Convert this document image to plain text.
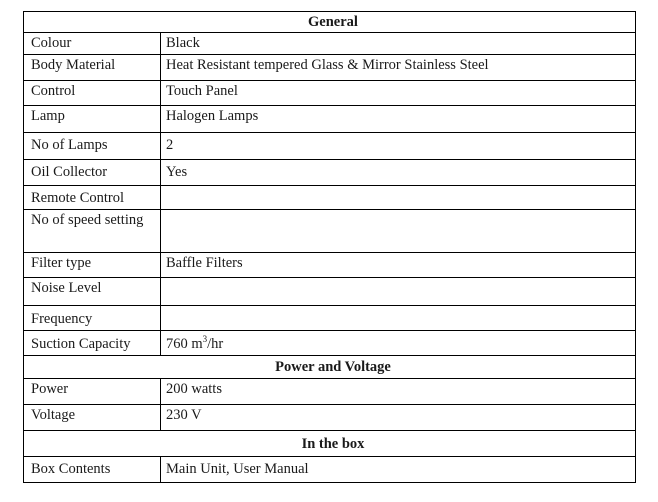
General	
Colour	Black
Body Material	Heat Resistant tempered Glass & Mirror Stainless Steel
Control	Touch Panel
Lamp	Halogen Lamps
No of Lamps	2
Oil Collector	Yes
Remote Control	
No of speed setting	
Filter type	Baffle Filters
Noise Level	
Frequency	
Suction Capacity	760 $m^3/hr$
Power and Voltage	
Power	200 watts
Voltage	230 V
In the box	
Box Contents	Main Unit, User Manual
